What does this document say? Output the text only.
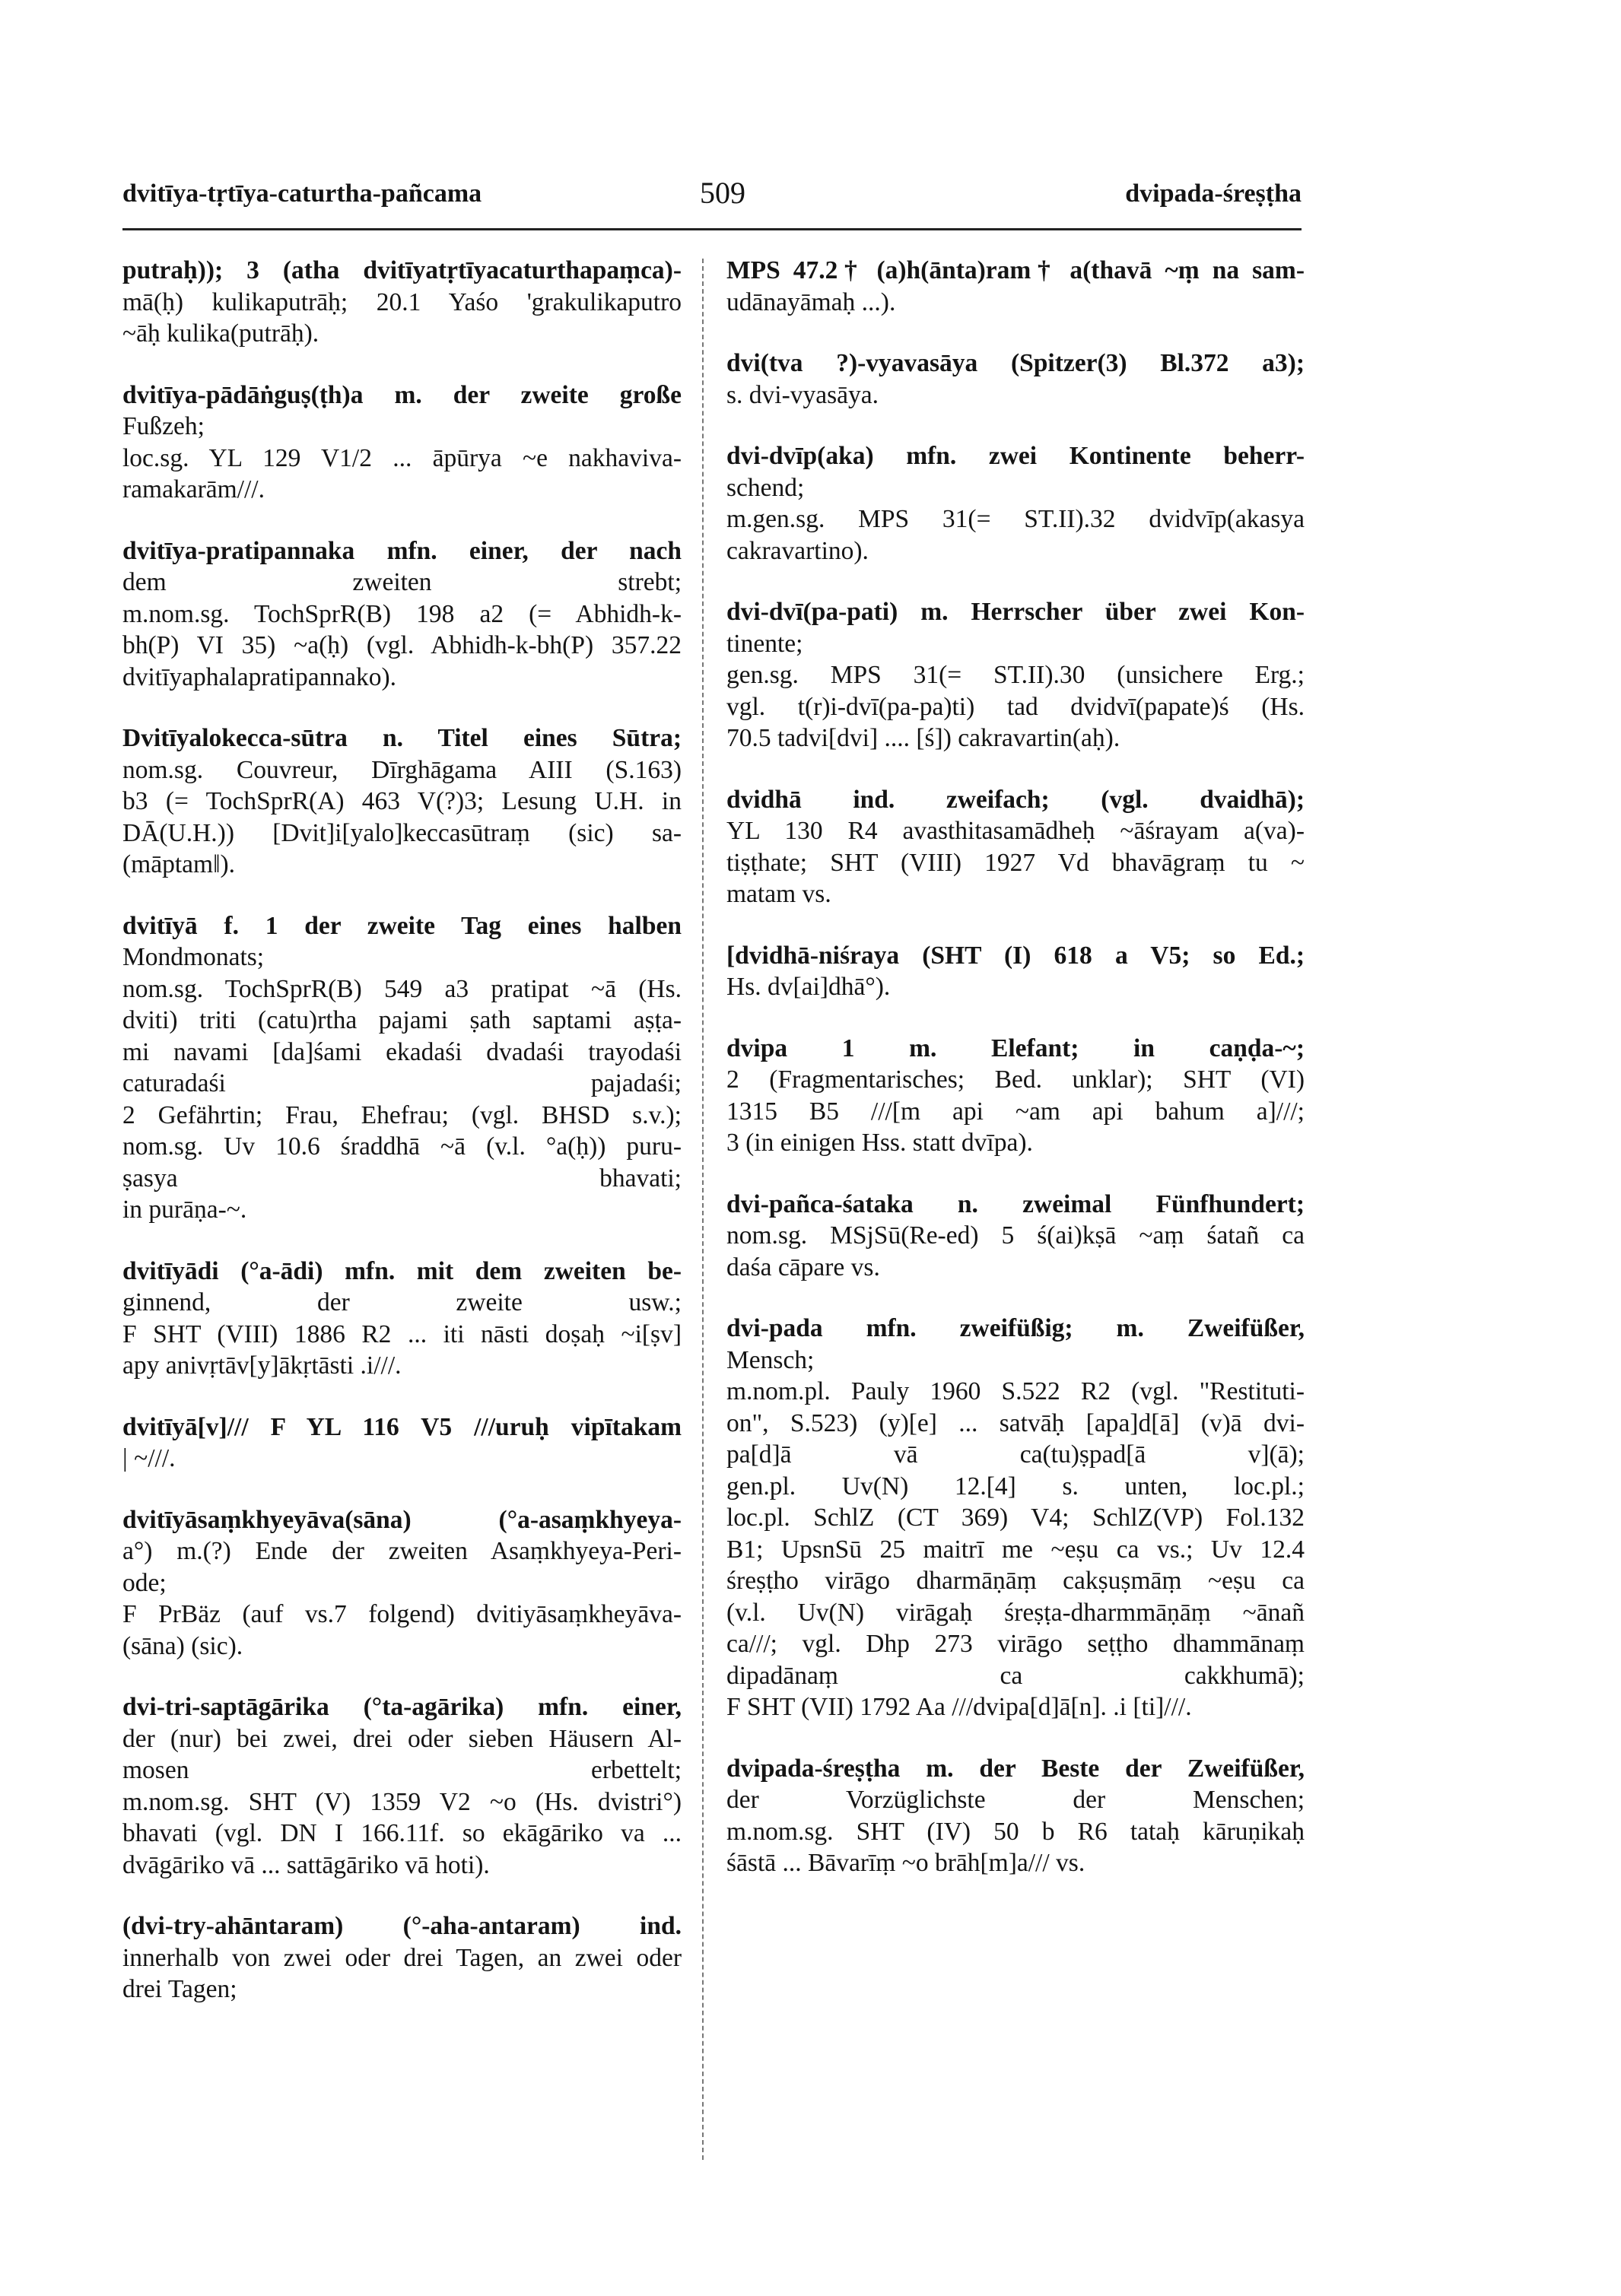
dvitīya-tṛtīya-caturtha-pañcama	509	dvipada-śreṣṭha
putraḥ)); 3 (atha dvitīyatṛtīyacaturthapaṃca)-
mā(ḥ) kulikaputrāḥ; 20.1 Yaśo 'grakulikaputro
~āḥ kulika(putrāḥ).
dvitīya-pādāṅguṣ(ṭh)a m. der zweite große
Fußzeh;
loc.sg. YL 129 V1/2 ... āpūrya ~e nakhaviva-
ramakarām///.
dvitīya-pratipannaka mfn. einer, der nach
dem zweiten strebt;
m.nom.sg. TochSprR(B) 198 a2 (= Abhidh-k-
bh(P) VI 35) ~a(ḥ) (vgl. Abhidh-k-bh(P) 357.22
dvitīyaphalapratipannako).
Dvitīyalokecca-sūtra n. Titel eines Sūtra;
nom.sg. Couvreur, Dīrghāgama AIII (S.163)
b3 (= TochSprR(A) 463 V(?)3; Lesung U.H. in
DĀ(U.H.)) [Dvit]i[yalo]keccasūtraṃ (sic) sa-
(māptam‖).
dvitīyā f. 1 der zweite Tag eines halben
Mondmonats;
nom.sg. TochSprR(B) 549 a3 pratipat ~ā (Hs.
dviti) triti (catu)rtha pajami ṣath saptami aṣṭa-
mi navami [da]śami ekadaśi dvadaśi trayodaśi
caturadaśi pajadaśi;
2 Gefährtin; Frau, Ehefrau; (vgl. BHSD s.v.);
nom.sg. Uv 10.6 śraddhā ~ā (v.l. °a(ḥ)) puru-
ṣasya bhavati;
in purāṇa-~.
dvitīyādi (°a-ādi) mfn. mit dem zweiten be-
ginnend, der zweite usw.;
F SHT (VIII) 1886 R2 ... iti nāsti doṣaḥ ~i[ṣv]
apy anivṛtāv[y]ākṛtāsti .i///.
dvitīyā[v]/// F YL 116 V5 ///uruḥ vipītakam
| ~///.
dvitīyāsaṃkhyeyāva(sāna) (°a-asaṃkhyeya-
a°) m.(?) Ende der zweiten Asaṃkhyeya-Peri-
ode;
F PrBäz (auf vs.7 folgend) dvitiyāsaṃkheyāva-
(sāna) (sic).
dvi-tri-saptāgārika (°ta-agārika) mfn. einer,
der (nur) bei zwei, drei oder sieben Häusern Al-
mosen erbettelt;
m.nom.sg. SHT (V) 1359 V2 ~o (Hs. dvistri°)
bhavati (vgl. DN I 166.11f. so ekāgāriko va ...
dvāgāriko vā ... sattāgāriko vā hoti).
(dvi-try-ahāntaram) (°-aha-antaram) ind.
innerhalb von zwei oder drei Tagen, an zwei oder
drei Tagen;
MPS 47.2† (a)h(ānta)ram† a(thavā ~ṃ na sam-
udānayāmaḥ ...).
dvi(tva ?)-vyavasāya (Spitzer(3) Bl.372 a3);
s. dvi-vyasāya.
dvi-dvīp(aka) mfn. zwei Kontinente beherr-
schend;
m.gen.sg. MPS 31(= ST.II).32 dvidvīp(akasya
cakravartino).
dvi-dvī(pa-pati) m. Herrscher über zwei Kon-
tinente;
gen.sg. MPS 31(= ST.II).30 (unsichere Erg.;
vgl. t(r)i-dvī(pa-pa)ti) tad dvidvī(papate)ś (Hs.
70.5 tadvi[dvi] .... [ś]) cakravartin(aḥ).
dvidhā ind. zweifach; (vgl. dvaidhā);
YL 130 R4 avasthitasamādheḥ ~āśrayam a(va)-
tiṣṭhate; SHT (VIII) 1927 Vd bhavāgraṃ tu ~
matam vs.
[dvidhā-niśraya (SHT (I) 618 a V5; so Ed.;
Hs. dv[ai]dhā°).
dvipa 1 m. Elefant; in caṇḍa-~;
2 (Fragmentarisches; Bed. unklar); SHT (VI)
1315 B5 ///[m api ~am api bahum a]///;
3 (in einigen Hss. statt dvīpa).
dvi-pañca-śataka n. zweimal Fünfhundert;
nom.sg. MSjSū(Re-ed) 5 ś(ai)kṣā ~aṃ śatañ ca
daśa cāpare vs.
dvi-pada mfn. zweifüßig; m. Zweifüßer,
Mensch;
m.nom.pl. Pauly 1960 S.522 R2 (vgl. "Restituti-
on", S.523) (y)[e] ... satvāḥ [apa]d[ā] (v)ā dvi-
pa[d]ā vā ca(tu)ṣpad[ā v](ā);
gen.pl. Uv(N) 12.[4] s. unten, loc.pl.;
loc.pl. SchlZ (CT 369) V4; SchlZ(VP) Fol.132
B1; UpsnSū 25 maitrī me ~eṣu ca vs.; Uv 12.4
śreṣṭho virāgo dharmāṇāṃ cakṣuṣmāṃ ~eṣu ca
(v.l. Uv(N) virāgaḥ śreṣṭa-dharmmāṇāṃ ~ānañ
ca///; vgl. Dhp 273 virāgo seṭṭho dhammānaṃ
dipadānaṃ ca cakkhumā);
F SHT (VII) 1792 Aa ///dvipa[d]ā[n]. .i [ti]///.
dvipada-śreṣṭha m. der Beste der Zweifüßer,
der Vorzüglichste der Menschen;
m.nom.sg. SHT (IV) 50 b R6 tataḥ kāruṇikaḥ
śāstā ... Bāvarīṃ ~o brāh[m]a/// vs.
